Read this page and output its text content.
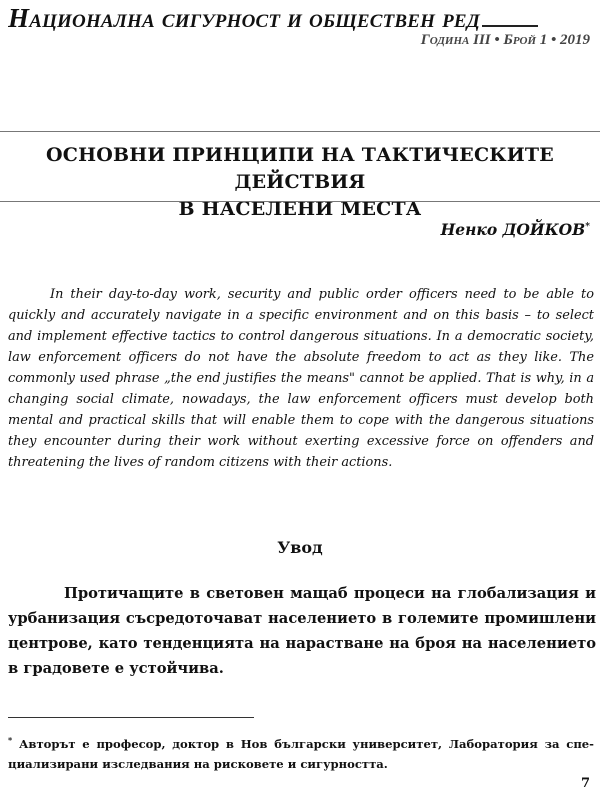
Национална сигурност и обществен ред
Година III • Брой 1 • 2019
ОСНОВНИ ПРИНЦИПИ НА ТАКТИЧЕСКИТЕ ДЕЙСТВИЯ
В НАСЕЛЕНИ МЕСТА
Ненко ДОЙКОВ*

In their day-to-day work, security and public order officers need to be able to quickly and accurately navigate in a specific environment and on this basis – to select and implement effective tactics to control dangerous situations. In a democratic society, law enforcement officers do not have the absolute freedom to act as they like. The commonly used phrase „the end justifies the means" cannot be applied. That is why, in a changing social climate, nowadays, the law enforcement officers must develop both mental and practical skills that will enable them to cope with the dangerous situations they encounter during their work without exerting excessive force on offenders and threatening the lives of random citizens with their actions.

Увод

Протичащите в световен мащаб процеси на глобализация и урбанизация съсредоточават населението в големите промишлени центрове, като тенденцията на нарастване на броя на населението в градовете е устойчива.

* Авторът е професор, доктор в Нов български университет, Лаборатория за спе-циализирани изследвания на рисковете и сигурността.

7
